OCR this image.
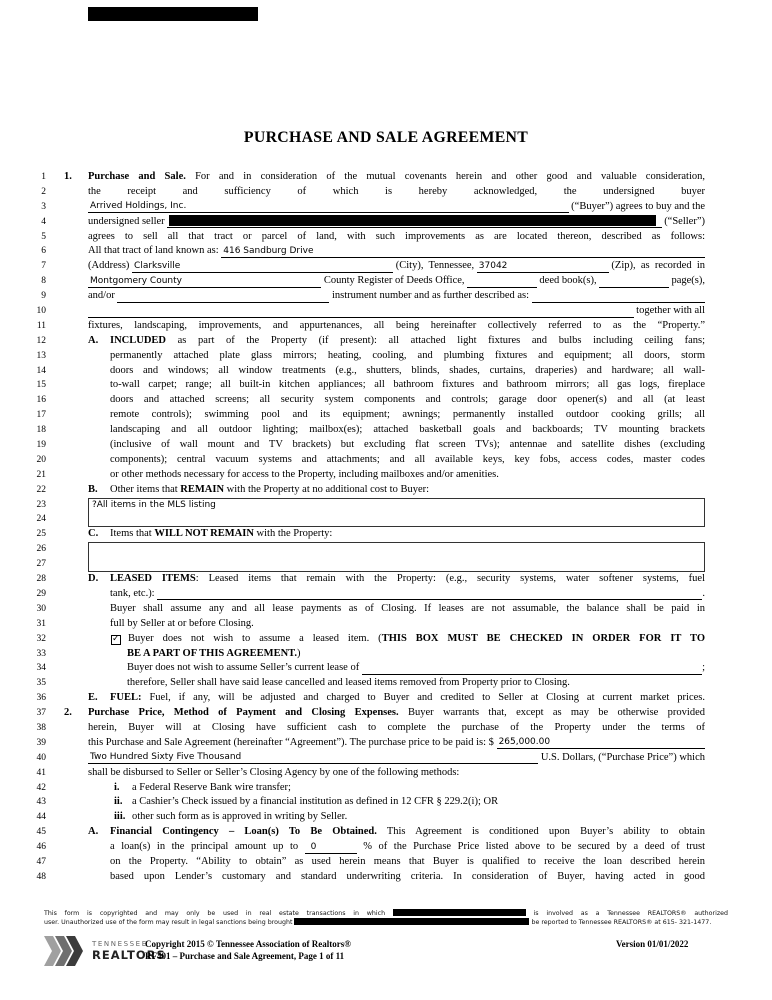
PURCHASE AND SALE AGREEMENT
1 1. Purchase and Sale. For and in consideration of the mutual covenants herein and other good and valuable consideration,
2	the receipt and sufficiency of which is hereby acknowledged, the undersigned buyer
3	Arrived Holdings, Inc.	(“Buyer”) agrees to buy and the
4	undersigned seller	(“Seller”)
5	agrees to sell all that tract or parcel of land, with such improvements as are located thereon, described as follows:
6	All that tract of land known as: 416 Sandburg Drive
7	(Address) Clarksville	(City),  Tennessee, 37042	(Zip),  as  recorded  in
8	Montgomery County	County Register of Deeds Office,	deed book(s),	page(s),
9	and/or	instrument number and as further described as:
10	together with all
11	fixtures, landscaping, improvements, and appurtenances, all being hereinafter collectively referred to as the “Property.”
12	A. INCLUDED as part of the Property (if present): all attached light fixtures and bulbs including ceiling fans;
13	permanently attached plate glass mirrors; heating, cooling, and plumbing fixtures and equipment; all doors, storm
14	doors and windows; all window treatments (e.g., shutters, blinds, shades, curtains, draperies) and hardware; all wall-
15	to-wall carpet; range; all built-in kitchen appliances; all bathroom fixtures and bathroom mirrors; all gas logs, fireplace
16	doors and attached screens; all security system components and controls; garage door opener(s) and all (at least
17	remote controls); swimming pool and its equipment; awnings; permanently installed outdoor cooking grills; all
18	landscaping and all outdoor lighting; mailbox(es); attached basketball goals and backboards; TV mounting brackets
19	(inclusive of wall mount and TV brackets) but excluding flat screen TVs); antennae and satellite dishes (excluding
20	components); central vacuum systems and attachments; and all available keys, key fobs, access codes, master codes
21	or other methods necessary for access to the Property, including mailboxes and/or amenities.
22	B. Other items that REMAIN with the Property at no additional cost to Buyer:
23	?All items in the MLS listing
24
25	C. Items that WILL NOT REMAIN with the Property:
26
27
28	D. LEASED ITEMS: Leased items that remain with the Property: (e.g., security systems, water softener systems, fuel
29	tank, etc.):	.
30	Buyer shall assume any and all lease payments as of Closing. If leases are not assumable, the balance shall be paid in
31	full by Seller at or before Closing.
32	✓ Buyer does not wish to assume a leased item. (THIS BOX MUST BE CHECKED IN ORDER FOR IT TO
33	BE A PART OF THIS AGREEMENT.)
34	Buyer does not wish to assume Seller’s current lease of	;
35	therefore, Seller shall have said lease cancelled and leased items removed from Property prior to Closing.
36	E. FUEL: Fuel, if any, will be adjusted and charged to Buyer and credited to Seller at Closing at current market prices.
37 2. Purchase Price, Method of Payment and Closing Expenses. Buyer warrants that, except as may be otherwise provided
38	herein, Buyer will at Closing have sufficient cash to complete the purchase of the Property under the terms of
39	this Purchase and Sale Agreement (hereinafter “Agreement”). The purchase price to be paid is: $ 265,000.00
40	Two Hundred Sixty Five Thousand	U.S. Dollars, (“Purchase Price”) which
41	shall be disbursed to Seller or Seller’s Closing Agency by one of the following methods:
42	i. a Federal Reserve Bank wire transfer;
43	ii. a Cashier’s Check issued by a financial institution as defined in 12 CFR § 229.2(i); OR
44	iii. other such form as is approved in writing by Seller.
45	A. Financial Contingency – Loan(s) To Be Obtained. This Agreement is conditioned upon Buyer’s ability to obtain
46	a loan(s) in the principal amount up to 0	% of the Purchase Price listed above to be secured by a deed of trust
47	on the Property. “Ability to obtain” as used herein means that Buyer is qualified to receive the loan described herein
48	based upon Lender’s customary and standard underwriting criteria. In consideration of Buyer, having acted in good
This form is copyrighted and may only be used in real estate transactions in which	is involved as a Tennessee REALTORS® authorized
user. Unauthorized use of the form may result in legal sanctions being brought	be reported to Tennessee REALTORS® at 615- 321-1477.
TENNESSEE
REALTORS
Copyright 2015 © Tennessee Association of Realtors®
RF401 – Purchase and Sale Agreement, Page 1 of 11
Version 01/01/2022
